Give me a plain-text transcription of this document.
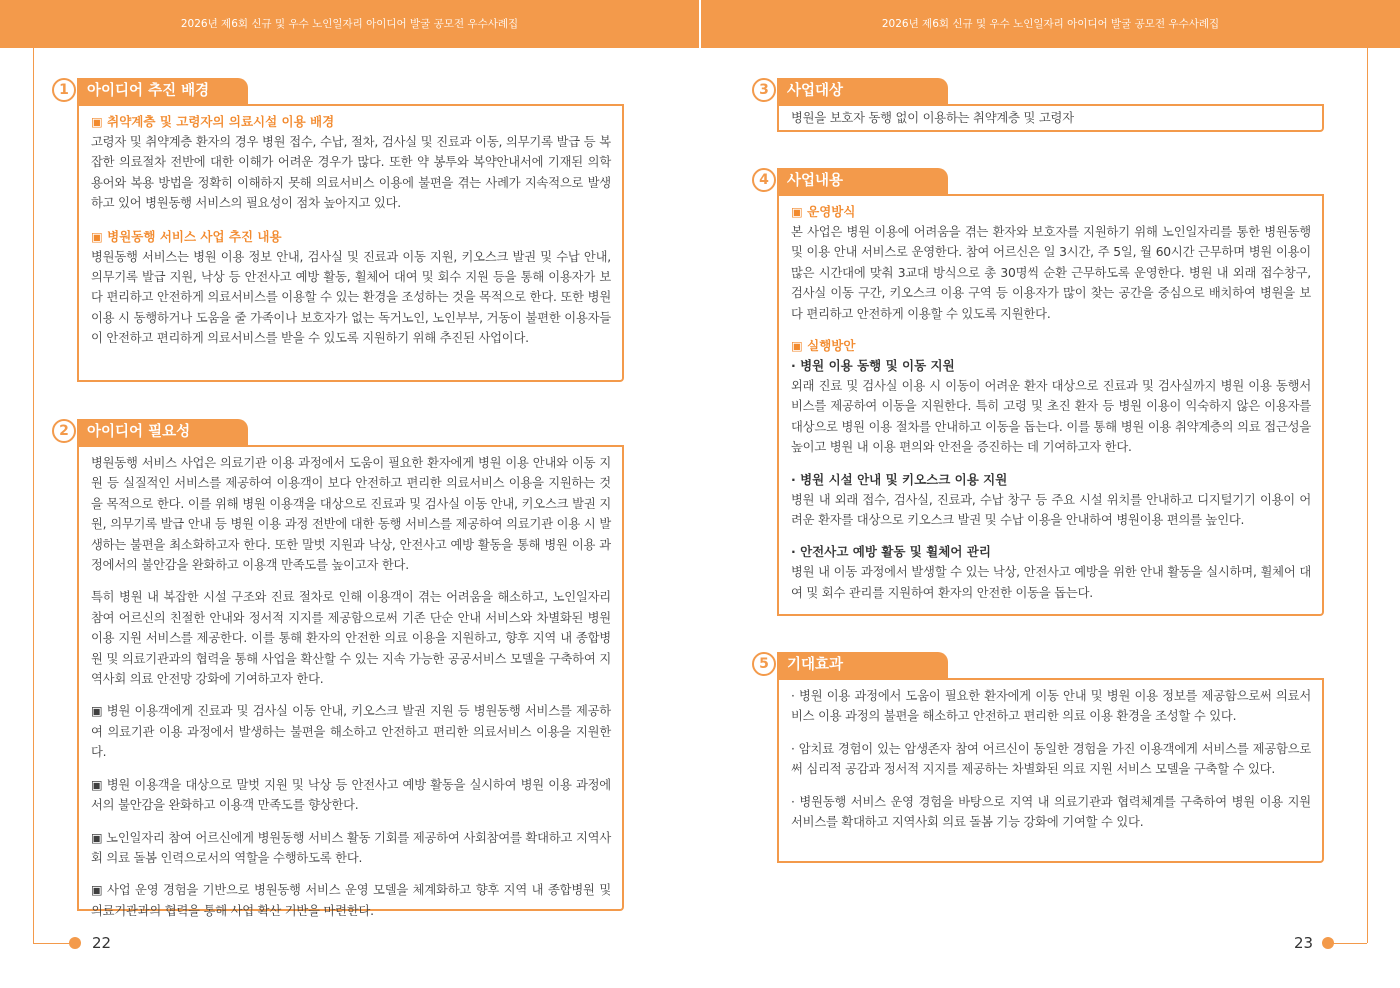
2026년 제6회 신규 및 우수 노인일자리 아이디어 발굴 공모전 우수사례집	2026년 제6회 신규 및 우수 노인일자리 아이디어 발굴 공모전 우수사례집
22	23
1	아이디어 추진 배경
▣ 취약계층 및 고령자의 의료시설 이용 배경
고령자 및 취약계층 환자의 경우 병원 접수, 수납, 절차, 검사실 및 진료과 이동, 의무기록 발급 등 복잡한 의료절차 전반에 대한 이해가 어려운 경우가 많다. 또한 약 봉투와 복약안내서에 기재된 의학 용어와 복용 방법을 정확히 이해하지 못해 의료서비스 이용에 불편을 겪는 사례가 지속적으로 발생하고 있어 병원동행 서비스의 필요성이 점차 높아지고 있다.
▣ 병원동행 서비스 사업 추진 내용
병원동행 서비스는 병원 이용 정보 안내, 검사실 및 진료과 이동 지원, 키오스크 발권 및 수납 안내, 의무기록 발급 지원, 낙상 등 안전사고 예방 활동, 휠체어 대여 및 회수 지원 등을 통해 이용자가 보다 편리하고 안전하게 의료서비스를 이용할 수 있는 환경을 조성하는 것을 목적으로 한다. 또한 병원 이용 시 동행하거나 도움을 줄 가족이나 보호자가 없는 독거노인, 노인부부, 거동이 불편한 이용자들이 안전하고 편리하게 의료서비스를 받을 수 있도록 지원하기 위해 추진된 사업이다.
2	아이디어 필요성
병원동행 서비스 사업은 의료기관 이용 과정에서 도움이 필요한 환자에게 병원 이용 안내와 이동 지원 등 실질적인 서비스를 제공하여 이용객이 보다 안전하고 편리한 의료서비스 이용을 지원하는 것을 목적으로 한다. 이를 위해 병원 이용객을 대상으로 진료과 및 검사실 이동 안내, 키오스크 발권 지원, 의무기록 발급 안내 등 병원 이용 과정 전반에 대한 동행 서비스를 제공하여 의료기관 이용 시 발생하는 불편을 최소화하고자 한다. 또한 말벗 지원과 낙상, 안전사고 예방 활동을 통해 병원 이용 과정에서의 불안감을 완화하고 이용객 만족도를 높이고자 한다.
특히 병원 내 복잡한 시설 구조와 진료 절차로 인해 이용객이 겪는 어려움을 해소하고, 노인일자리 참여 어르신의 친절한 안내와 정서적 지지를 제공함으로써 기존 단순 안내 서비스와 차별화된 병원 이용 지원 서비스를 제공한다. 이를 통해 환자의 안전한 의료 이용을 지원하고, 향후 지역 내 종합병원 및 의료기관과의 협력을 통해 사업을 확산할 수 있는 지속 가능한 공공서비스 모델을 구축하여 지역사회 의료 안전망 강화에 기여하고자 한다.
▣ 병원 이용객에게 진료과 및 검사실 이동 안내, 키오스크 발권 지원 등 병원동행 서비스를 제공하여 의료기관 이용 과정에서 발생하는 불편을 해소하고 안전하고 편리한 의료서비스 이용을 지원한다.
▣ 병원 이용객을 대상으로 말벗 지원 및 낙상 등 안전사고 예방 활동을 실시하여 병원 이용 과정에서의 불안감을 완화하고 이용객 만족도를 향상한다.
▣ 노인일자리 참여 어르신에게 병원동행 서비스 활동 기회를 제공하여 사회참여를 확대하고 지역사회 의료 돌봄 인력으로서의 역할을 수행하도록 한다.
▣ 사업 운영 경험을 기반으로 병원동행 서비스 운영 모델을 체계화하고 향후 지역 내 종합병원 및 의료기관과의 협력을 통해 사업 확산 기반을 마련한다.
3	사업대상
병원을 보호자 동행 없이 이용하는 취약계층 및 고령자
4	사업내용
▣ 운영방식
본 사업은 병원 이용에 어려움을 겪는 환자와 보호자를 지원하기 위해 노인일자리를 통한 병원동행 및 이용 안내 서비스로 운영한다. 참여 어르신은 일 3시간, 주 5일, 월 60시간 근무하며 병원 이용이 많은 시간대에 맞춰 3교대 방식으로 총 30명씩 순환 근무하도록 운영한다. 병원 내 외래 접수창구, 검사실 이동 구간, 키오스크 이용 구역 등 이용자가 많이 찾는 공간을 중심으로 배치하여 병원을 보다 편리하고 안전하게 이용할 수 있도록 지원한다.
▣ 실행방안
· 병원 이용 동행 및 이동 지원
외래 진료 및 검사실 이용 시 이동이 어려운 환자 대상으로 진료과 및 검사실까지 병원 이용 동행서비스를 제공하여 이동을 지원한다. 특히 고령 및 초진 환자 등 병원 이용이 익숙하지 않은 이용자를 대상으로 병원 이용 절차를 안내하고 이동을 돕는다. 이를 통해 병원 이용 취약계층의 의료 접근성을 높이고 병원 내 이용 편의와 안전을 증진하는 데 기여하고자 한다.
· 병원 시설 안내 및 키오스크 이용 지원
병원 내 외래 접수, 검사실, 진료과, 수납 창구 등 주요 시설 위치를 안내하고 디지털기기 이용이 어려운 환자를 대상으로 키오스크 발권 및 수납 이용을 안내하여 병원이용 편의를 높인다.
· 안전사고 예방 활동 및 휠체어 관리
병원 내 이동 과정에서 발생할 수 있는 낙상, 안전사고 예방을 위한 안내 활동을 실시하며, 휠체어 대여 및 회수 관리를 지원하여 환자의 안전한 이동을 돕는다.
5	기대효과
· 병원 이용 과정에서 도움이 필요한 환자에게 이동 안내 및 병원 이용 정보를 제공함으로써 의료서비스 이용 과정의 불편을 해소하고 안전하고 편리한 의료 이용 환경을 조성할 수 있다.
· 암치료 경험이 있는 암생존자 참여 어르신이 동일한 경험을 가진 이용객에게 서비스를 제공함으로써 심리적 공감과 정서적 지지를 제공하는 차별화된 의료 지원 서비스 모델을 구축할 수 있다.
· 병원동행 서비스 운영 경험을 바탕으로 지역 내 의료기관과 협력체계를 구축하여 병원 이용 지원 서비스를 확대하고 지역사회 의료 돌봄 기능 강화에 기여할 수 있다.
